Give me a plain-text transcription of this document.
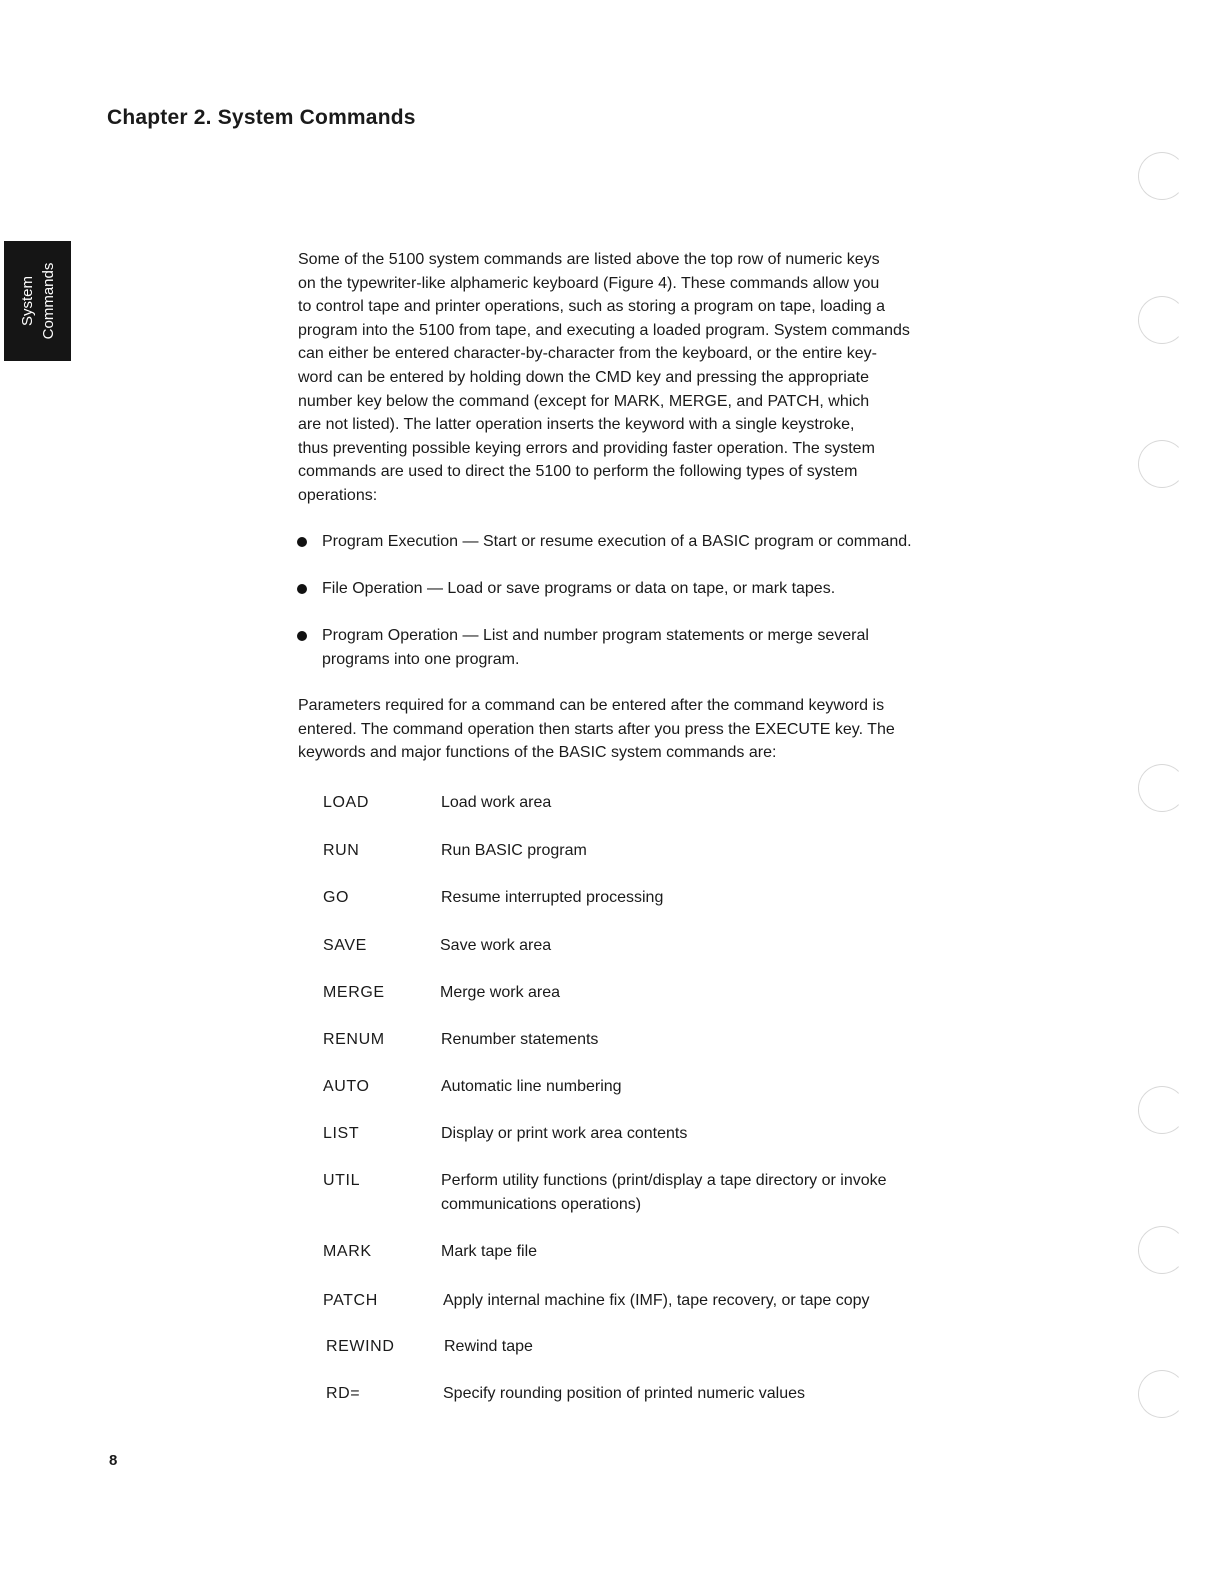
Chapter 2. System Commands
System Commands

Some of the 5100 system commands are listed above the top row of numeric keys
on the typewriter-like alphameric keyboard (Figure 4). These commands allow you
to control tape and printer operations, such as storing a program on tape, loading a
program into the 5100 from tape, and executing a loaded program. System commands
can either be entered character-by-character from the keyboard, or the entire key-
word can be entered by holding down the CMD key and pressing the appropriate
number key below the command (except for MARK, MERGE, and PATCH, which
are not listed). The latter operation inserts the keyword with a single keystroke,
thus preventing possible keying errors and providing faster operation. The system
commands are used to direct the 5100 to perform the following types of system
operations:

Program Execution — Start or resume execution of a BASIC program or command.
File Operation — Load or save programs or data on tape, or mark tapes.
Program Operation — List and number program statements or merge several
programs into one program.

Parameters required for a command can be entered after the command keyword is
entered. The command operation then starts after you press the EXECUTE key. The
keywords and major functions of the BASIC system commands are:

LOAD	Load work area
RUN	Run BASIC program
GO	Resume interrupted processing
SAVE	Save work area
MERGE	Merge work area
RENUM	Renumber statements
AUTO	Automatic line numbering
LIST	Display or print work area contents
UTIL	Perform utility functions (print/display a tape directory or invoke
communications operations)
MARK	Mark tape file
PATCH	Apply internal machine fix (IMF), tape recovery, or tape copy
REWIND	Rewind tape
RD=	Specify rounding position of printed numeric values
8
